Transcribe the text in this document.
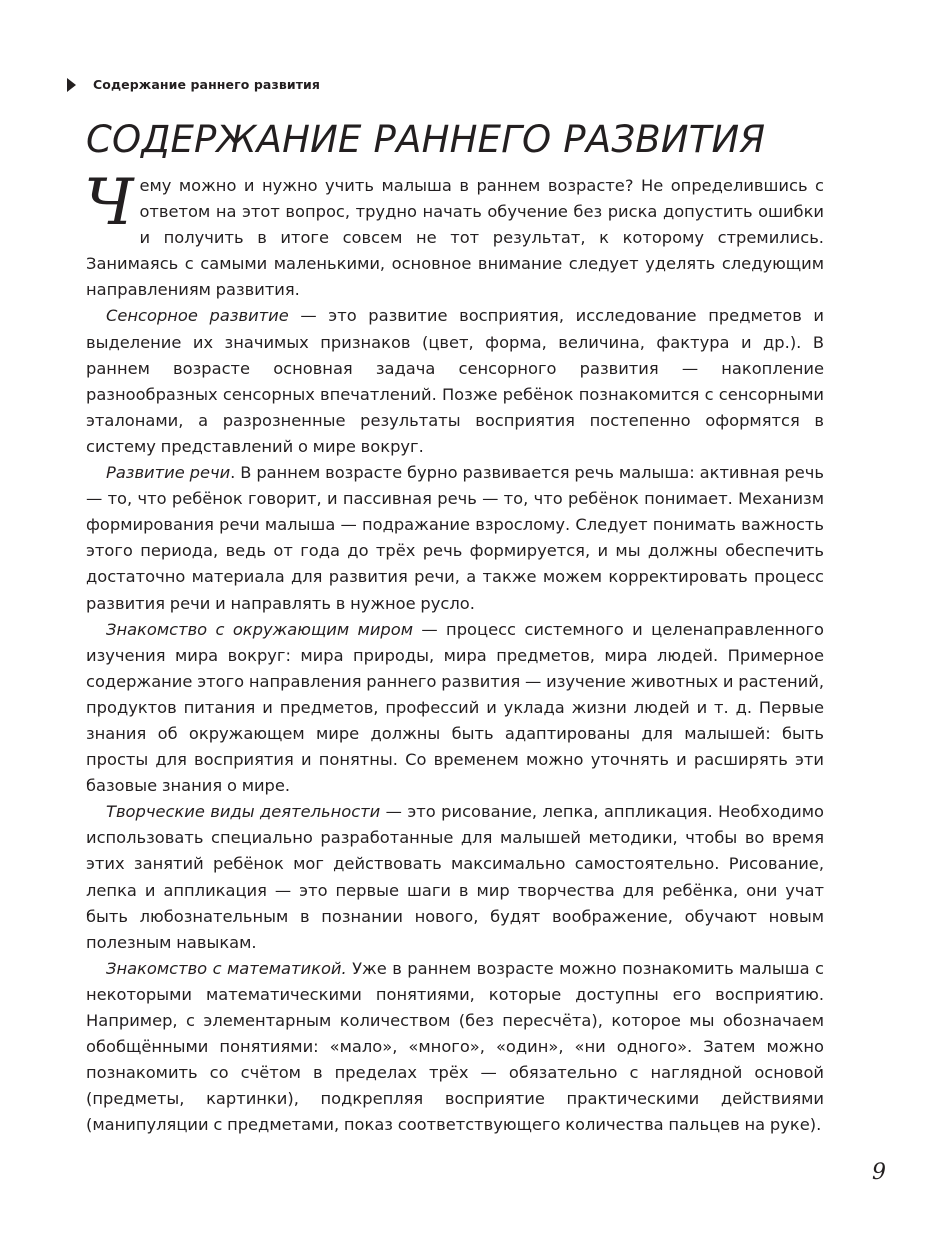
Содержание раннего развития
СОДЕРЖАНИЕ РАННЕГО РАЗВИТИЯ

Чему можно и нужно учить малыша в раннем возрасте? Не определившись с ответом на этот вопрос, трудно начать обучение без риска допустить ошибки и получить в итоге совсем не тот результат, к которому стремились. Занимаясь с самыми маленькими, основное внимание следует уделять следующим направлениям развития.

Сенсорное развитие — это развитие восприятия, исследование предметов и выделение их значимых признаков (цвет, форма, величина, фактура и др.). В раннем возрасте основная задача сенсорного развития — накопление разнообразных сенсорных впечатлений. Позже ребёнок познакомится с сенсорными эталонами, а разрозненные результаты восприятия постепенно оформятся в систему представлений о мире вокруг.

Развитие речи. В раннем возрасте бурно развивается речь малыша: активная речь — то, что ребёнок говорит, и пассивная речь — то, что ребёнок понимает. Механизм формирования речи малыша — подражание взрослому. Следует понимать важность этого периода, ведь от года до трёх речь формируется, и мы должны обеспечить достаточно материала для развития речи, а также можем корректировать процесс развития речи и направлять в нужное русло.

Знакомство с окружающим миром — процесс системного и целенаправленного изучения мира вокруг: мира природы, мира предметов, мира людей. Примерное содержание этого направления раннего развития — изучение животных и растений, продуктов питания и предметов, профессий и уклада жизни людей и т. д. Первые знания об окружающем мире должны быть адаптированы для малышей: быть просты для восприятия и понятны. Со временем можно уточнять и расширять эти базовые знания о мире.

Творческие виды деятельности — это рисование, лепка, аппликация. Необходимо использовать специально разработанные для малышей методики, чтобы во время этих занятий ребёнок мог действовать максимально самостоятельно. Рисование, лепка и аппликация — это первые шаги в мир творчества для ребёнка, они учат быть любознательным в познании нового, будят воображение, обучают новым полезным навыкам.

Знакомство с математикой. Уже в раннем возрасте можно познакомить малыша с некоторыми математическими понятиями, которые доступны его восприятию. Например, с элементарным количеством (без пересчёта), которое мы обозначаем обобщёнными понятиями: «мало», «много», «один», «ни одного». Затем можно познакомить со счётом в пределах трёх — обязательно с наглядной основой (предметы, картинки), подкрепляя восприятие практическими действиями (манипуляции с предметами, показ соответствующего количества пальцев на руке).

9
